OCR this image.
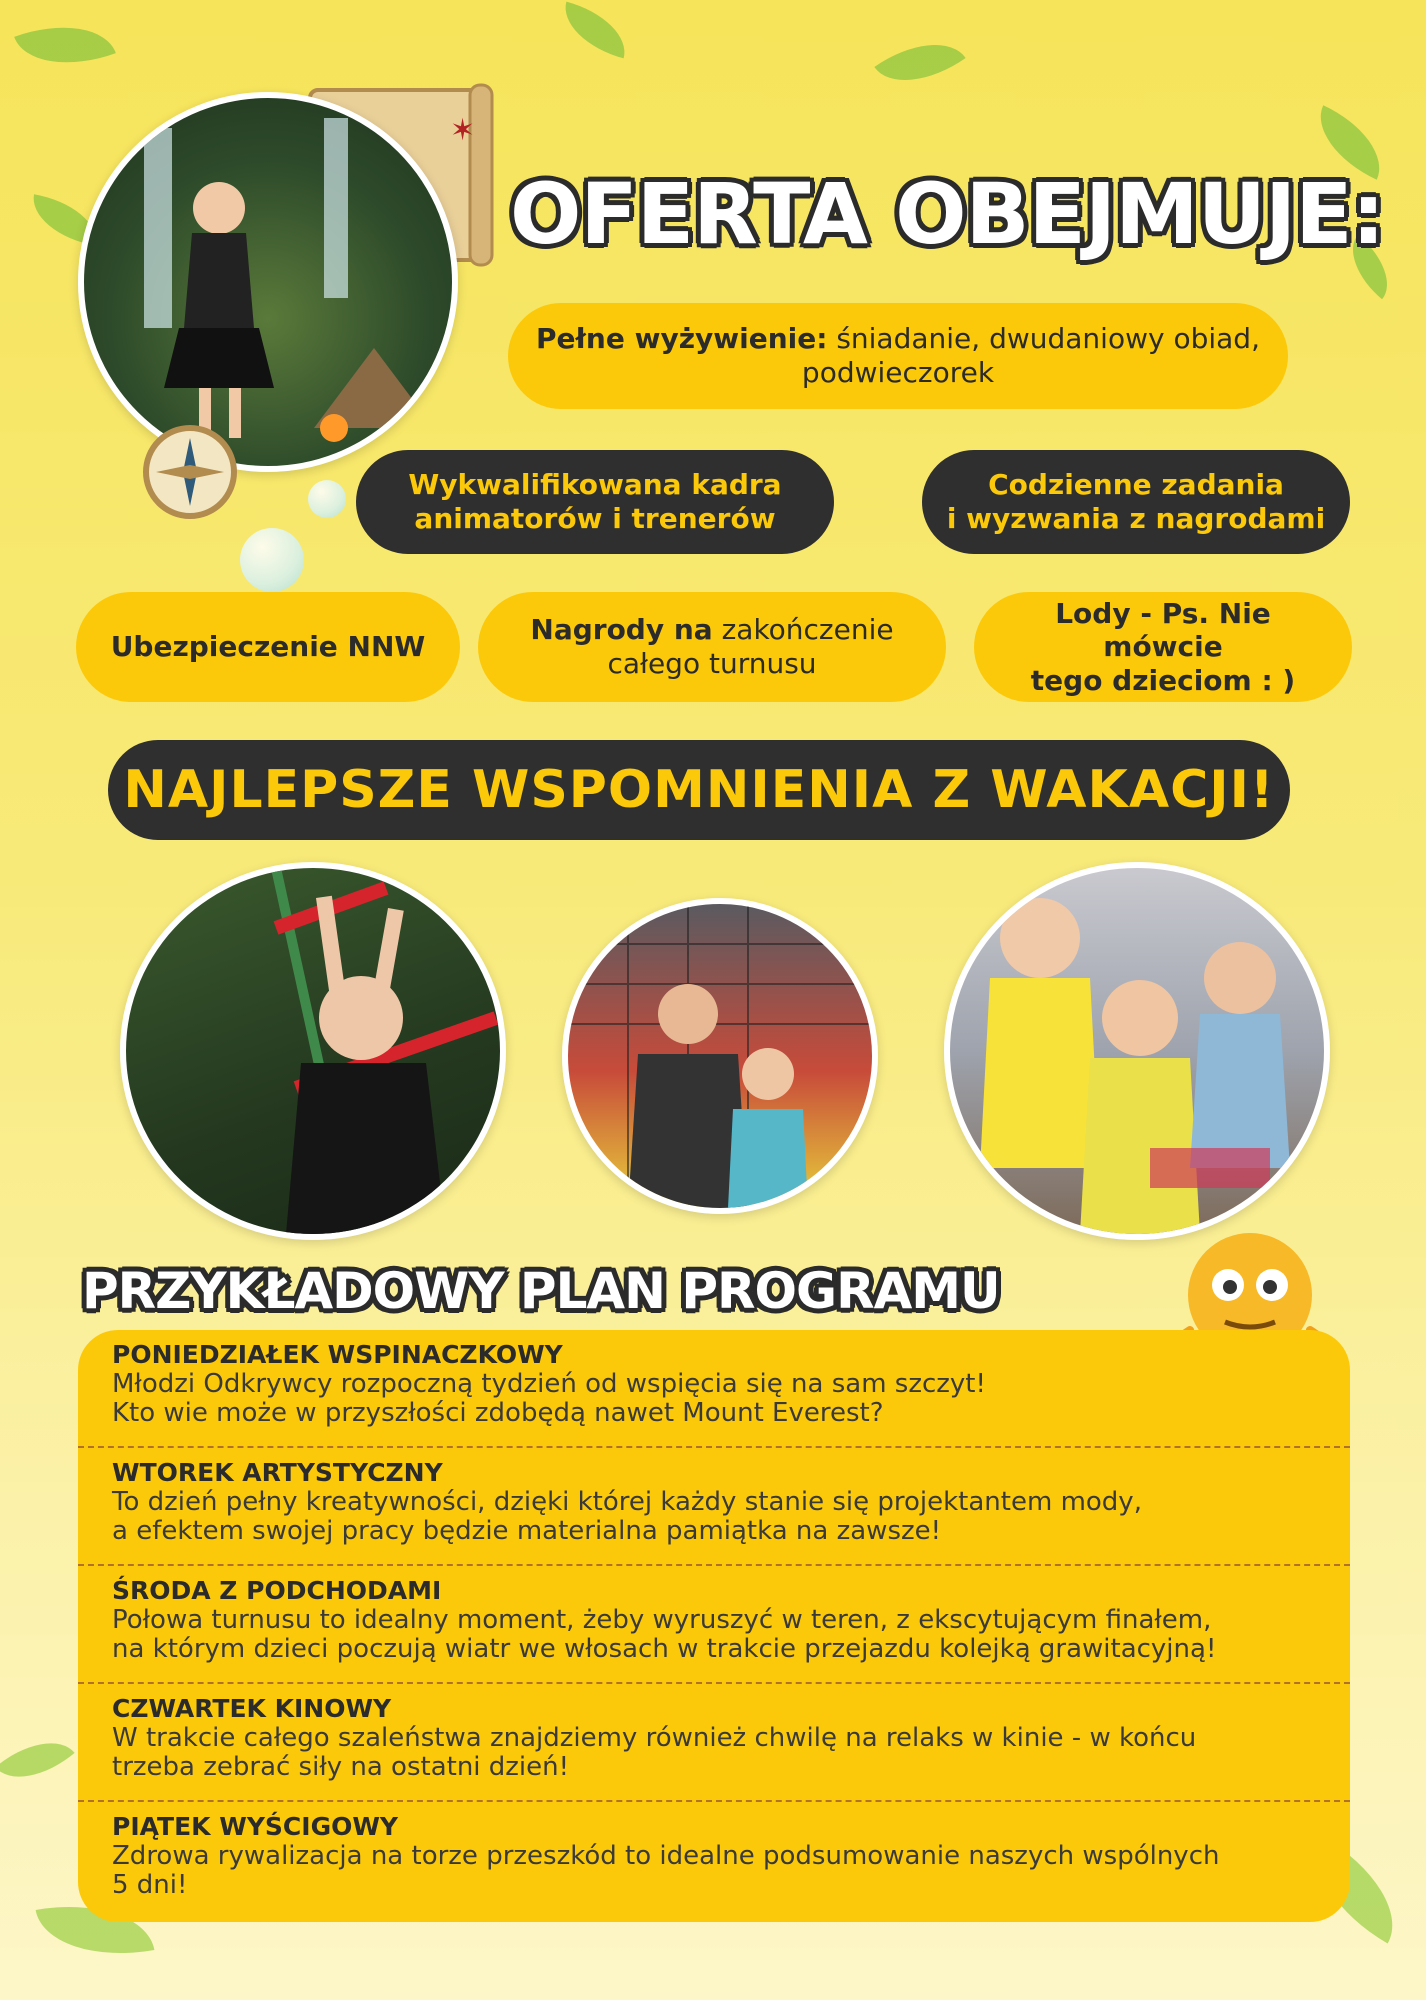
✶
OFERTA OBEJMUJE:
Pełne wyżywienie: śniadanie, dwudaniowy obiad,
podwieczorek
Wykwalifikowana kadra
animatorów i trenerów
Codzienne zadania
i wyzwania z nagrodami
Ubezpieczenie NNW
Nagrody na zakończenie
całego turnusu
Lody - Ps. Nie mówcie
tego dzieciom : )
NAJLEPSZE WSPOMNIENIA Z WAKACJI!
PRZYKŁADOWY PLAN PROGRAMU
PONIEDZIAŁEK WSPINACZKOWY
Młodzi Odkrywcy rozpoczną tydzień od wspięcia się na sam szczyt!
Kto wie może w przyszłości zdobędą nawet Mount Everest?
WTOREK ARTYSTYCZNY
To dzień pełny kreatywności, dzięki której każdy stanie się projektantem mody,
a efektem swojej pracy będzie materialna pamiątka na zawsze!
ŚRODA Z PODCHODAMI
Połowa turnusu to idealny moment, żeby wyruszyć w teren, z ekscytującym finałem,
na którym dzieci poczują wiatr we włosach w trakcie przejazdu kolejką grawitacyjną!
CZWARTEK KINOWY
W trakcie całego szaleństwa znajdziemy również chwilę na relaks w kinie - w końcu
trzeba zebrać siły na ostatni dzień!
PIĄTEK WYŚCIGOWY
Zdrowa rywalizacja na torze przeszkód to idealne podsumowanie naszych wspólnych
5 dni!
